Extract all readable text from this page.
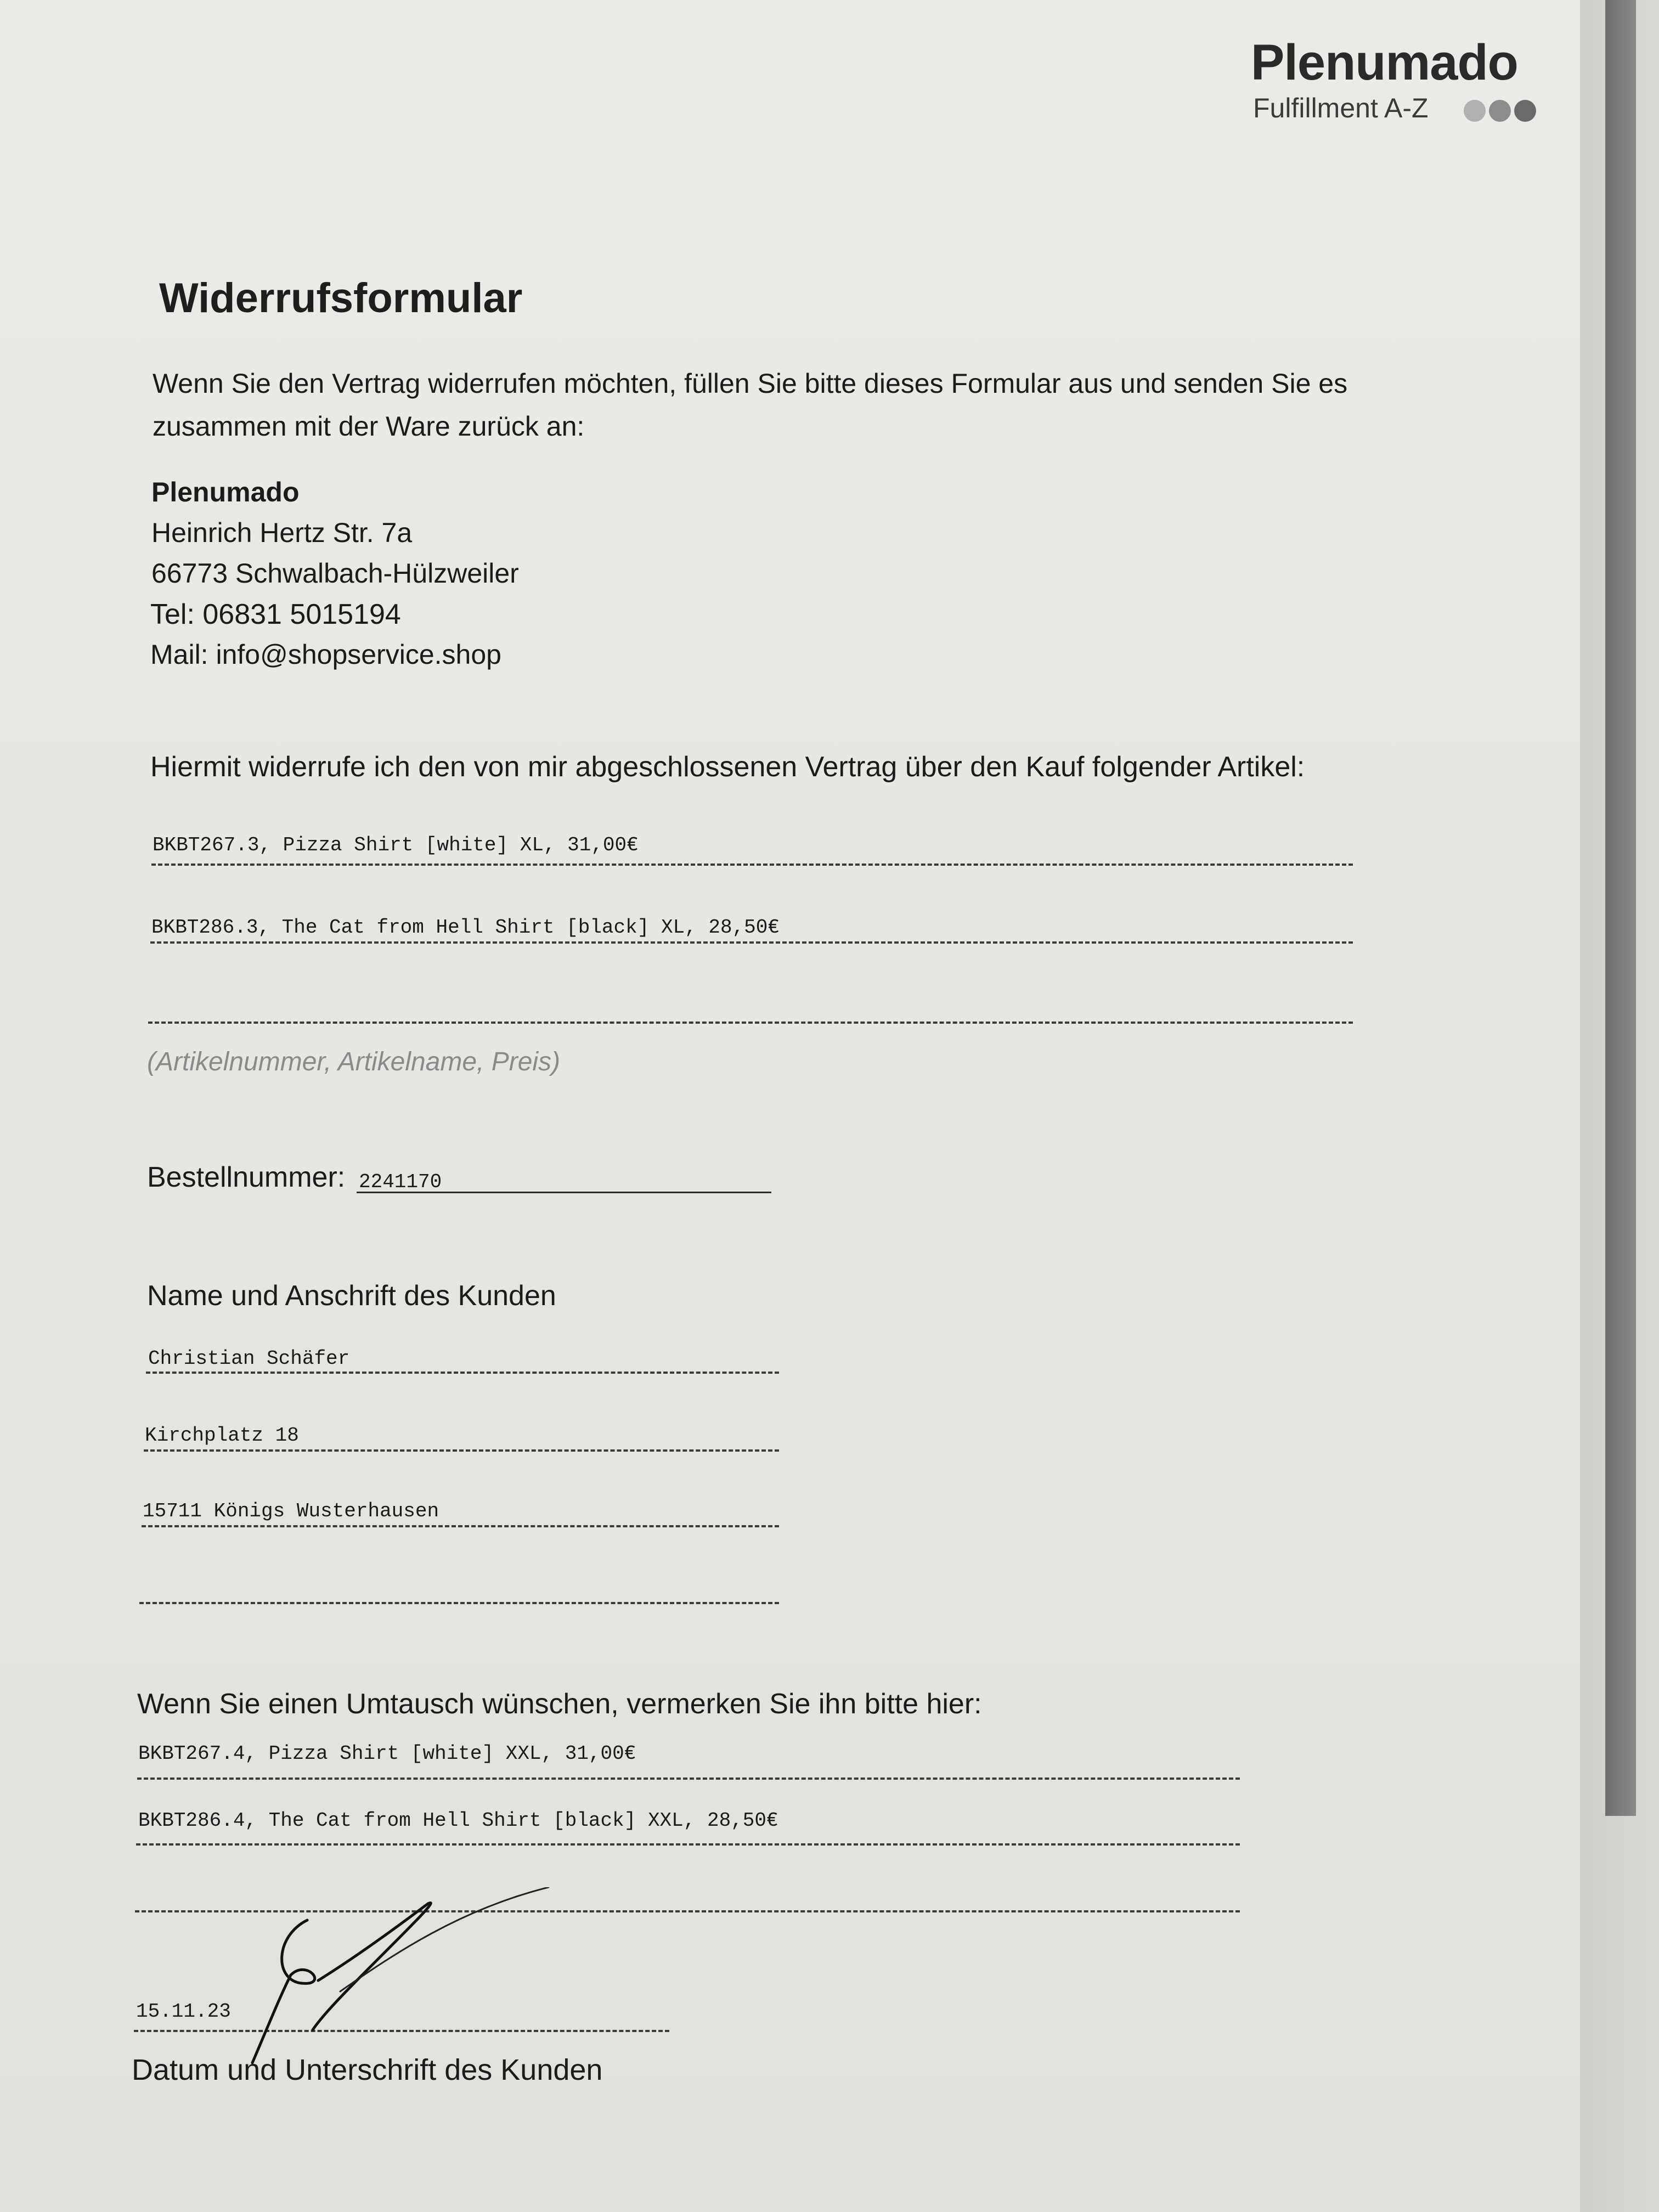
Plenumado
Fulfillment A-Z
Widerrufsformular
Wenn Sie den Vertrag widerrufen möchten, füllen Sie bitte dieses Formular aus und senden Sie es zusammen mit der Ware zurück an:
Plenumado
Heinrich Hertz Str. 7a
66773 Schwalbach-Hülzweiler
Tel: 06831 5015194
Mail: info@shopservice.shop
Hiermit widerrufe ich den von mir abgeschlossenen Vertrag über den Kauf folgender Artikel:
BKBT267.3, Pizza Shirt [white] XL, 31,00€
BKBT286.3, The Cat from Hell Shirt [black] XL, 28,50€
(Artikelnummer, Artikelname, Preis)
Bestellnummer: 2241170
Name und Anschrift des Kunden
Christian Schäfer
Kirchplatz 18
15711 Königs Wusterhausen
Wenn Sie einen Umtausch wünschen, vermerken Sie ihn bitte hier:
BKBT267.4, Pizza Shirt [white] XXL, 31,00€
BKBT286.4, The Cat from Hell Shirt [black] XXL, 28,50€
15.11.23
Datum und Unterschrift des Kunden
